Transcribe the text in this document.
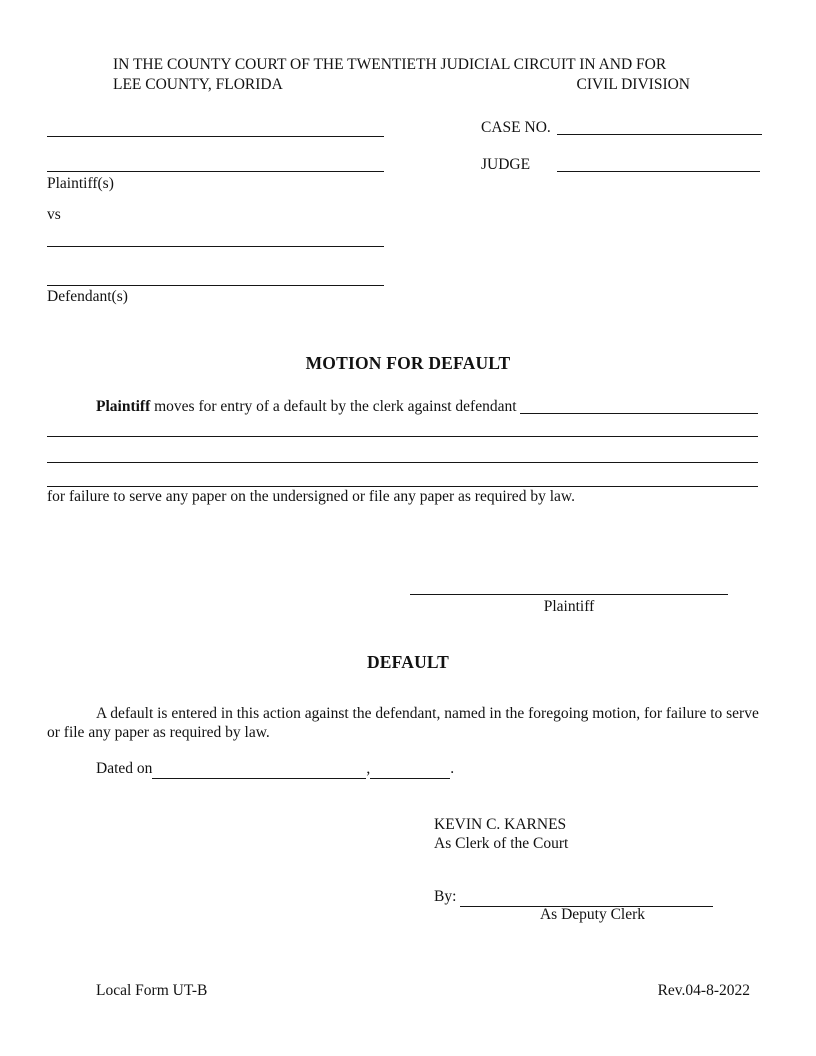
IN THE COUNTY COURT OF THE TWENTIETH JUDICIAL CIRCUIT IN AND FOR
LEE COUNTY, FLORIDA	CIVIL DIVISION
Plaintiff(s)
vs
Defendant(s)
CASE NO.
JUDGE
MOTION FOR DEFAULT
Plaintiff moves for entry of a default by the clerk against defendant
for failure to serve any paper on the undersigned or file any paper as required by law.
Plaintiff
DEFAULT
A default is entered in this action against the defendant, named in the foregoing motion, for failure to serve or file any paper as required by law.
Dated on	,	.
KEVIN C. KARNES
As Clerk of the Court
By:
As Deputy Clerk
Local Form UT-B	Rev.04-8-2022
